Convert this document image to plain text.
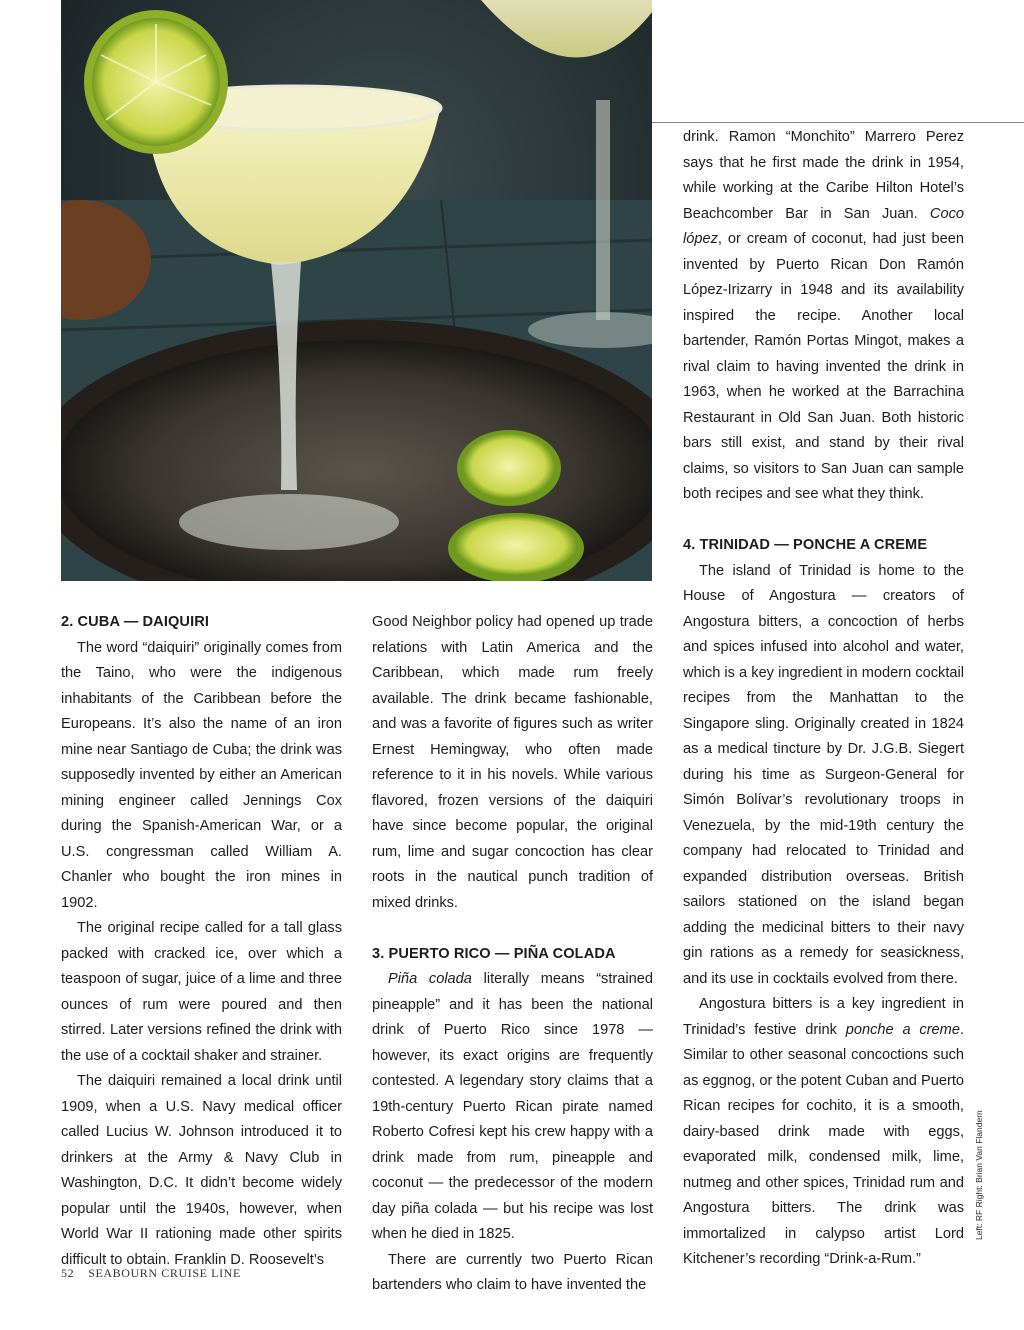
2. CUBA — DAIQUIRI

The word “daiquiri” originally comes from the Taino, who were the indigenous inhabitants of the Caribbean before the Europeans. It’s also the name of an iron mine near Santiago de Cuba; the drink was supposedly invented by either an American mining engineer called Jennings Cox during the Spanish-American War, or a U.S. congressman called William A. Chanler who bought the iron mines in 1902.

The original recipe called for a tall glass packed with cracked ice, over which a teaspoon of sugar, juice of a lime and three ounces of rum were poured and then stirred. Later versions refined the drink with the use of a cocktail shaker and strainer.

The daiquiri remained a local drink until 1909, when a U.S. Navy medical officer called Lucius W. Johnson introduced it to drinkers at the Army & Navy Club in Washington, D.C. It didn’t become widely popular until the 1940s, however, when World War II rationing made other spirits difficult to obtain. Franklin D. Roosevelt’s

Good Neighbor policy had opened up trade relations with Latin America and the Caribbean, which made rum freely available. The drink became fashionable, and was a favorite of figures such as writer Ernest Hemingway, who often made reference to it in his novels. While various flavored, frozen versions of the daiquiri have since become popular, the original rum, lime and sugar concoction has clear roots in the nautical punch tradition of mixed drinks.

3. PUERTO RICO — PIÑA COLADA

Piña colada literally means “strained pineapple” and it has been the national drink of Puerto Rico since 1978 — however, its exact origins are frequently contested. A legendary story claims that a 19th-century Puerto Rican pirate named Roberto Cofresi kept his crew happy with a drink made from rum, pineapple and coconut — the predecessor of the modern day piña colada — but his recipe was lost when he died in 1825.

There are currently two Puerto Rican bartenders who claim to have invented the

drink. Ramon “Monchito” Marrero Perez says that he first made the drink in 1954, while working at the Caribe Hilton Hotel’s Beachcomber Bar in San Juan. Coco lópez, or cream of coconut, had just been invented by Puerto Rican Don Ramón López-Irizarry in 1948 and its availability inspired the recipe. Another local bartender, Ramón Portas Mingot, makes a rival claim to having invented the drink in 1963, when he worked at the Barrachina Restaurant in Old San Juan. Both historic bars still exist, and stand by their rival claims, so visitors to San Juan can sample both recipes and see what they think.

4. TRINIDAD — PONCHE A CREME

The island of Trinidad is home to the House of Angostura — creators of Angostura bitters, a concoction of herbs and spices infused into alcohol and water, which is a key ingredient in modern cocktail recipes from the Manhattan to the Singapore sling. Originally created in 1824 as a medical tincture by Dr. J.G.B. Siegert during his time as Surgeon-General for Simón Bolívar’s revolutionary troops in Venezuela, by the mid-19th century the company had relocated to Trinidad and expanded distribution overseas. British sailors stationed on the island began adding the medicinal bitters to their navy gin rations as a remedy for seasickness, and its use in cocktails evolved from there.

Angostura bitters is a key ingredient in Trinidad’s festive drink ponche a creme. Similar to other seasonal concoctions such as eggnog, or the potent Cuban and Puerto Rican recipes for cochito, it is a smooth, dairy-based drink made with eggs, evaporated milk, condensed milk, lime, nutmeg and other spices, Trinidad rum and Angostura bitters. The drink was immortalized in calypso artist Lord Kitchener’s recording “Drink-a-Rum.”

52 SEABOURN CRUISE LINE
Left: RF Right: Brian Van Flandern
